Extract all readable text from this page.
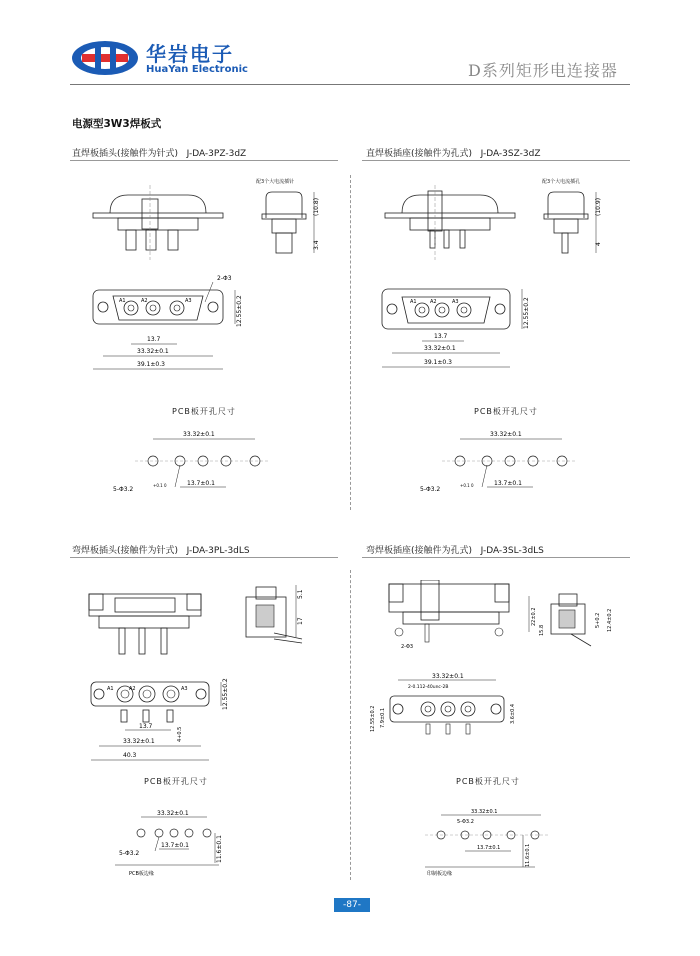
华岩电子
HuaYan Electronic	D系列矩形电连接器
电源型3W3焊板式
直焊板插头(接触件为针式) J-DA-3PZ-3dZ	直焊板插座(接触件为孔式) J-DA-3SZ-3dZ
弯焊板插头(接触件为针式) J-DA-3PL-3dLS	弯焊板插座(接触件为孔式) J-DA-3SL-3dLS
配3个大电流插针
(10.8)
3.4
A1	A2	A3
2-Φ3
12.55±0.2
13.7
33.32±0.1
39.1±0.3
PCB板开孔尺寸
33.32±0.1
5-Φ3.2
+0.1 0	13.7±0.1
配3个大电流插孔
(10.9)
4
A1	A2	A3	12.55±0.2
13.7
33.32±0.1
39.1±0.3
PCB板开孔尺寸
33.32±0.1
5-Φ3.2
+0.1 0	13.7±0.1
5.1
17
A1	A2	A3	12.55±0.2
4+0.5
13.7
33.32±0.1
40.3
PCB板开孔尺寸
33.32±0.1
5-Φ3.2
13.7±0.1	11.6±0.1
PCB板边缘
2-Φ3
22±0.2
15.8
5+0.2 12.4±0.2
33.32±0.1
2-0.112-40unc-2B
12.55±0.2 7.9±0.1	3.6±0.4
PCB板开孔尺寸
33.32±0.1
5-Φ3.2
13.7±0.1	11.6±0.1
印制板边缘
-87-
